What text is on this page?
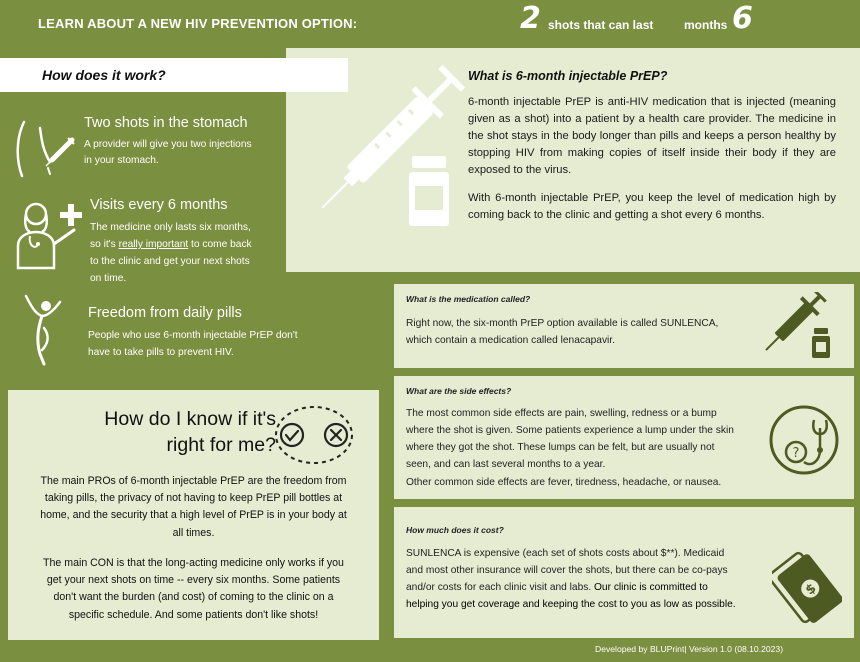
LEARN ABOUT A NEW HIV PREVENTION OPTION:	2 shots that can last	months 6
What is 6-month injectable PrEP?
6-month injectable PrEP is anti-HIV medication that is injected (meaning given as a shot) into a patient by a health care provider. The medicine in the shot stays in the body longer than pills and keeps a person healthy by stopping HIV from making copies of itself inside their body if they are exposed to the virus.
With 6-month injectable PrEP, you keep the level of medication high by coming back to the clinic and getting a shot every 6 months.
How does it work?
Two shots in the stomach
A provider will give you two injections
in your stomach.
Visits every 6 months
The medicine only lasts six months,
so it's really important to come back
to the clinic and get your next shots
on time.
Freedom from daily pills
People who use 6-month injectable PrEP don't
have to take pills to prevent HIV.
What is the medication called?
Right now, the six-month PrEP option available is called SUNLENCA,
which contain a medication called lenacapavir.
What are the side effects?
The most common side effects are pain, swelling, redness or a bump
where the shot is given. Some patients experience a lump under the skin
where they got the shot. These lumps can be felt, but are usually not
seen, and can last several months to a year.
Other common side effects are fever, tiredness, headache, or nausea.
?
How much does it cost?
SUNLENCA is expensive (each set of shots costs about $**). Medicaid
and most other insurance will cover the shots, but there can be co-pays
and/or costs for each clinic visit and labs. Our clinic is committed to
helping you get coverage and keeping the cost to you as low as possible.
$
How do I know if it's
right for me?
The main PROs of 6-month injectable PrEP are the freedom from
taking pills, the privacy of not having to keep PrEP pill bottles at
home, and the security that a high level of PrEP is in your body at
all times.
The main CON is that the long-acting medicine only works if you
get your next shots on time -- every six months. Some patients
don't want the burden (and cost) of coming to the clinic on a
specific schedule. And some patients don't like shots!
Developed by BLUPrint| Version 1.0 (08.10.2023)
